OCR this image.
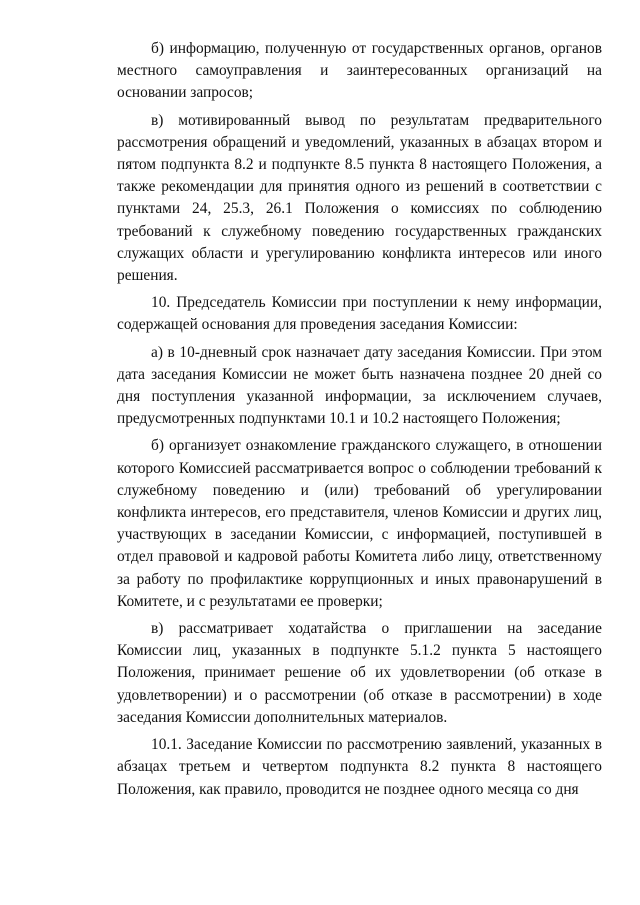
б) информацию, полученную от государственных органов, органов местного самоуправления и заинтересованных организаций на основании запросов;

в) мотивированный вывод по результатам предварительного рассмотрения обращений и уведомлений, указанных в абзацах втором и пятом подпункта 8.2 и подпункте 8.5 пункта 8 настоящего Положения, а также рекомендации для принятия одного из решений в соответствии с пунктами 24, 25.3, 26.1 Положения о комиссиях по соблюдению требований к служебному поведению государственных гражданских служащих области и урегулированию конфликта интересов или иного решения.

10. Председатель Комиссии при поступлении к нему информации, содержащей основания для проведения заседания Комиссии:

а) в 10-дневный срок назначает дату заседания Комиссии. При этом дата заседания Комиссии не может быть назначена позднее 20 дней со дня поступления указанной информации, за исключением случаев, предусмотренных подпунктами 10.1 и 10.2 настоящего Положения;

б) организует ознакомление гражданского служащего, в отношении которого Комиссией рассматривается вопрос о соблюдении требований к служебному поведению и (или) требований об урегулировании конфликта интересов, его представителя, членов Комиссии и других лиц, участвующих в заседании Комиссии, с информацией, поступившей в отдел правовой и кадровой работы Комитета либо лицу, ответственному за работу по профилактике коррупционных и иных правонарушений в Комитете, и с результатами ее проверки;

в) рассматривает ходатайства о приглашении на заседание Комиссии лиц, указанных в подпункте 5.1.2 пункта 5 настоящего Положения, принимает решение об их удовлетворении (об отказе в удовлетворении) и о рассмотрении (об отказе в рассмотрении) в ходе заседания Комиссии дополнительных материалов.

10.1. Заседание Комиссии по рассмотрению заявлений, указанных в абзацах третьем и четвертом подпункта 8.2 пункта 8 настоящего Положения, как правило, проводится не позднее одного месяца со дня
